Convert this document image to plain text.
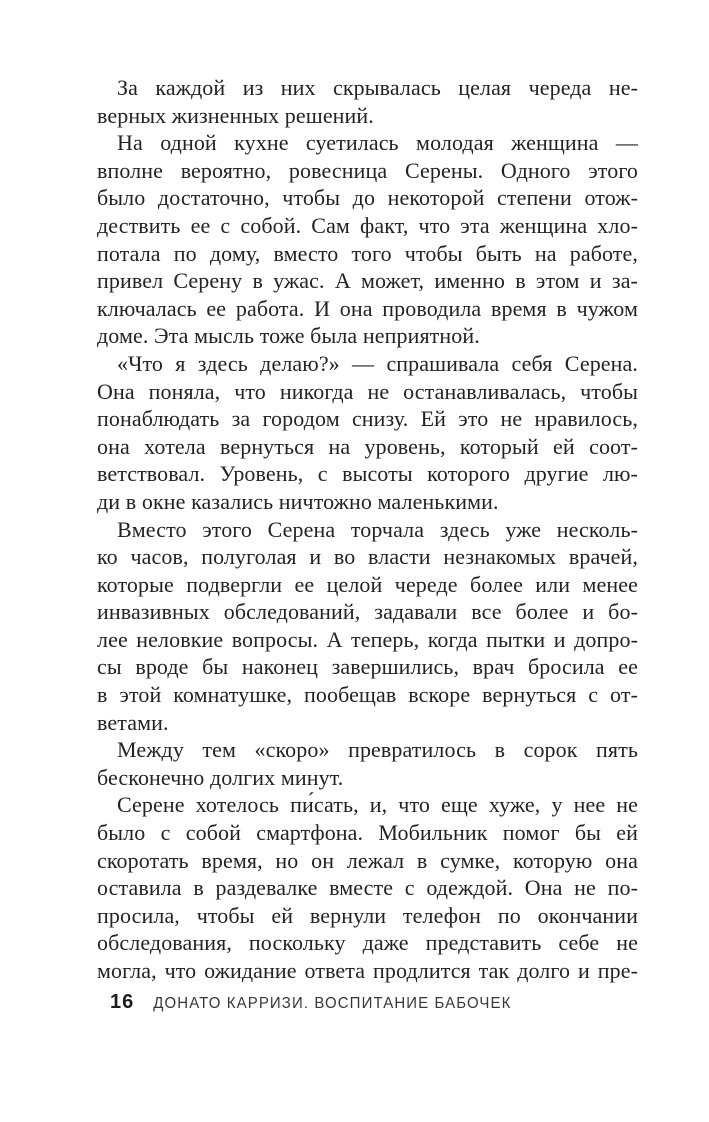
За каждой из них скрывалась целая череда не-
верных жизненных решений.

На одной кухне суетилась молодая женщина —
вполне вероятно, ровесница Серены. Одного этого
было достаточно, чтобы до некоторой степени отож-
дествить ее с собой. Сам факт, что эта женщина хло-
потала по дому, вместо того чтобы быть на работе,
привел Серену в ужас. А может, именно в этом и за-
ключалась ее работа. И она проводила время в чужом
доме. Эта мысль тоже была неприятной.

«Что я здесь делаю?» — спрашивала себя Серена.
Она поняла, что никогда не останавливалась, чтобы
понаблюдать за городом снизу. Ей это не нравилось,
она хотела вернуться на уровень, который ей соот-
ветствовал. Уровень, с высоты которого другие лю-
ди в окне казались ничтожно маленькими.

Вместо этого Серена торчала здесь уже несколь-
ко часов, полуголая и во власти незнакомых врачей,
которые подвергли ее целой череде более или менее
инвазивных обследований, задавали все более и бо-
лее неловкие вопросы. А теперь, когда пытки и допро-
сы вроде бы наконец завершились, врач бросила ее
в этой комнатушке, пообещав вскоре вернуться с от-
ветами.

Между тем «скоро» превратилось в сорок пять
бесконечно долгих минут.

Серене хотелось пи́сать, и, что еще хуже, у нее не
было с собой смартфона. Мобильник помог бы ей
скоротать время, но он лежал в сумке, которую она
оставила в раздевалке вместе с одеждой. Она не по-
просила, чтобы ей вернули телефон по окончании
обследования, поскольку даже представить себе не
могла, что ожидание ответа продлится так долго и пре-

16 ДОНАТО КАРРИЗИ. ВОСПИТАНИЕ БАБОЧЕК
